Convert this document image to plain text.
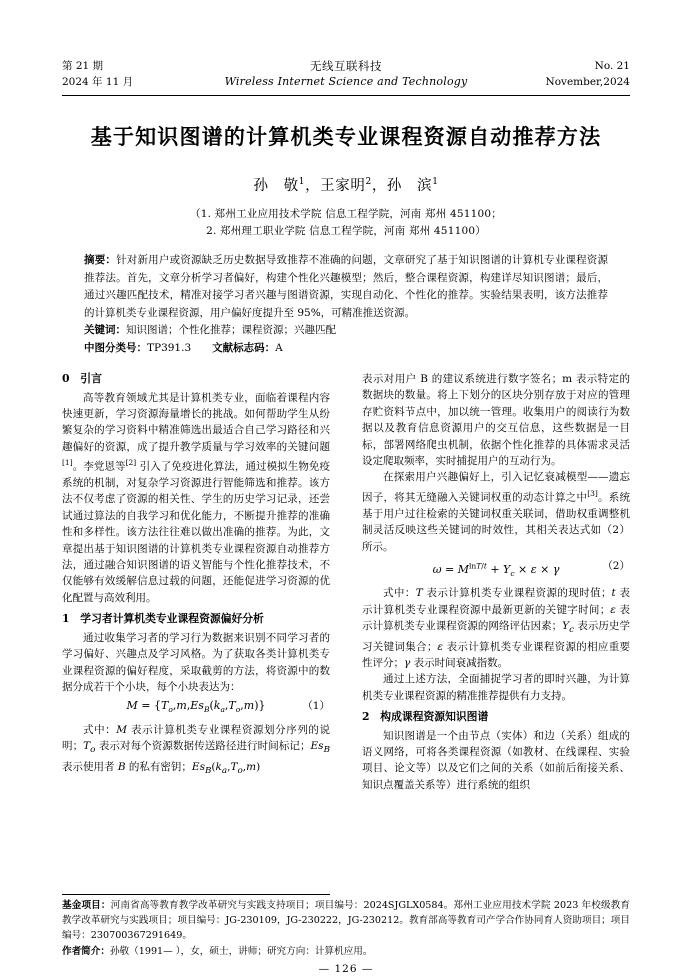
第 21 期
2024 年 11 月
无线互联科技
Wireless Internet Science and Technology
No. 21
November,2024
基于知识图谱的计算机类专业课程资源自动推荐方法
孙　敬$^1$，王家明$^2$，孙　滨$^1$
（1. 郑州工业应用技术学院 信息工程学院，河南 郑州 451100；
2. 郑州理工职业学院 信息工程学院，河南 郑州 451100）

摘要：针对新用户或资源缺乏历史数据导致推荐不准确的问题，文章研究了基于知识图谱的计算机专业课程资源推荐法。首先，文章分析学习者偏好，构建个性化兴趣模型；然后，整合课程资源，构建详尽知识图谱；最后，通过兴趣匹配技术，精准对接学习者兴趣与图谱资源，实现自动化、个性化的推荐。实验结果表明，该方法推荐的计算机类专业课程资源，用户偏好度提升至 95%，可精准推送资源。

关键词：知识图谱；个性化推荐；课程资源；兴趣匹配

中图分类号：TP391.3　　 文献标志码：A

0　引言

高等教育领域尤其是计算机类专业，面临着课程内容快速更新，学习资源海量增长的挑战。如何帮助学生从纷繁复杂的学习资料中精准筛选出最适合自己学习路径和兴趣偏好的资源，成了提升教学质量与学习效率的关键问题[1]。李党恩等[2] 引入了免疫进化算法，通过模拟生物免疫系统的机制，对复杂学习资源进行智能筛选和推荐。该方法不仅考虑了资源的相关性、学生的历史学习记录，还尝试通过算法的自我学习和优化能力，不断提升推荐的准确性和多样性。该方法往往难以做出准确的推荐。为此，文章提出基于知识图谱的计算机类专业课程资源自动推荐方法，通过融合知识图谱的语义智能与个性化推荐技术，不仅能够有效缓解信息过载的问题，还能促进学习资源的优化配置与高效利用。

1　学习者计算机类专业课程资源偏好分析

通过收集学习者的学习行为数据来识别不同学习者的学习偏好、兴趣点及学习风格。为了获取各类计算机类专业课程资源的偏好程度，采取截剪的方法，将资源中的数据分成若干个小块，每个小块表达为：

$M = \{T_o,m,Es_B(k_a,T_o,m)\}$	（1）

式中：M 表示计算机类专业课程资源划分序列的说明；$T_o$ 表示对每个资源数据传送路径进行时间标记；$Es_B$ 表示使用者 B 的私有密钥；$Es_B(k_a,T_o,m)$

表示对用户 B 的建议系统进行数字签名；m 表示特定的数据块的数量。将上下划分的区块分别存放于对应的管理存贮资料节点中，加以统一管理。收集用户的阅读行为数据以及教育信息资源用户的交互信息，这些数据是一目标，部署网络爬虫机制，依据个性化推荐的具体需求灵活设定爬取频率，实时捕捉用户的互动行为。

在探索用户兴趣偏好上，引入记忆衰减模型——遗忘因子，将其无缝融入关键词权重的动态计算之中[3]。系统基于用户过往检索的关键词权重关联词，借助权重调整机制灵活反映这些关键词的时效性，其相关表达式如（2）所示。

$\omega = M^{lnT/t} + Y_c \times \varepsilon \times \gamma$	（2）

式中：T 表示计算机类专业课程资源的现时值；t 表示计算机类专业课程资源中最新更新的关键字时间；ε 表示计算机类专业课程资源的网络评估因素；$Y_c$ 表示历史学习关键词集合；ε 表示计算机类专业课程资源的相应重要性评分；γ 表示时间衰减指数。

通过上述方法，全面捕捉学习者的即时兴趣，为计算机类专业课程资源的精准推荐提供有力支持。

2　构成课程资源知识图谱

知识图谱是一个由节点（实体）和边（关系）组成的语义网络，可将各类课程资源（如教材、在线课程、实验项目、论文等）以及它们之间的关系（如前后衔接关系、知识点覆盖关系等）进行系统的组织

基金项目：河南省高等教育教学改革研究与实践支持项目；项目编号：2024SJGLX0584。郑州工业应用技术学院 2023 年校级教育教学改革研究与实践项目；项目编号：JG-230109，JG-230222，JG-230212。教育部高等教育司产学合作协同育人资助项目；项目编号：230700367291649。

作者简介：孙敬（1991— ），女，硕士，讲师；研究方向：计算机应用。

— 126 —
